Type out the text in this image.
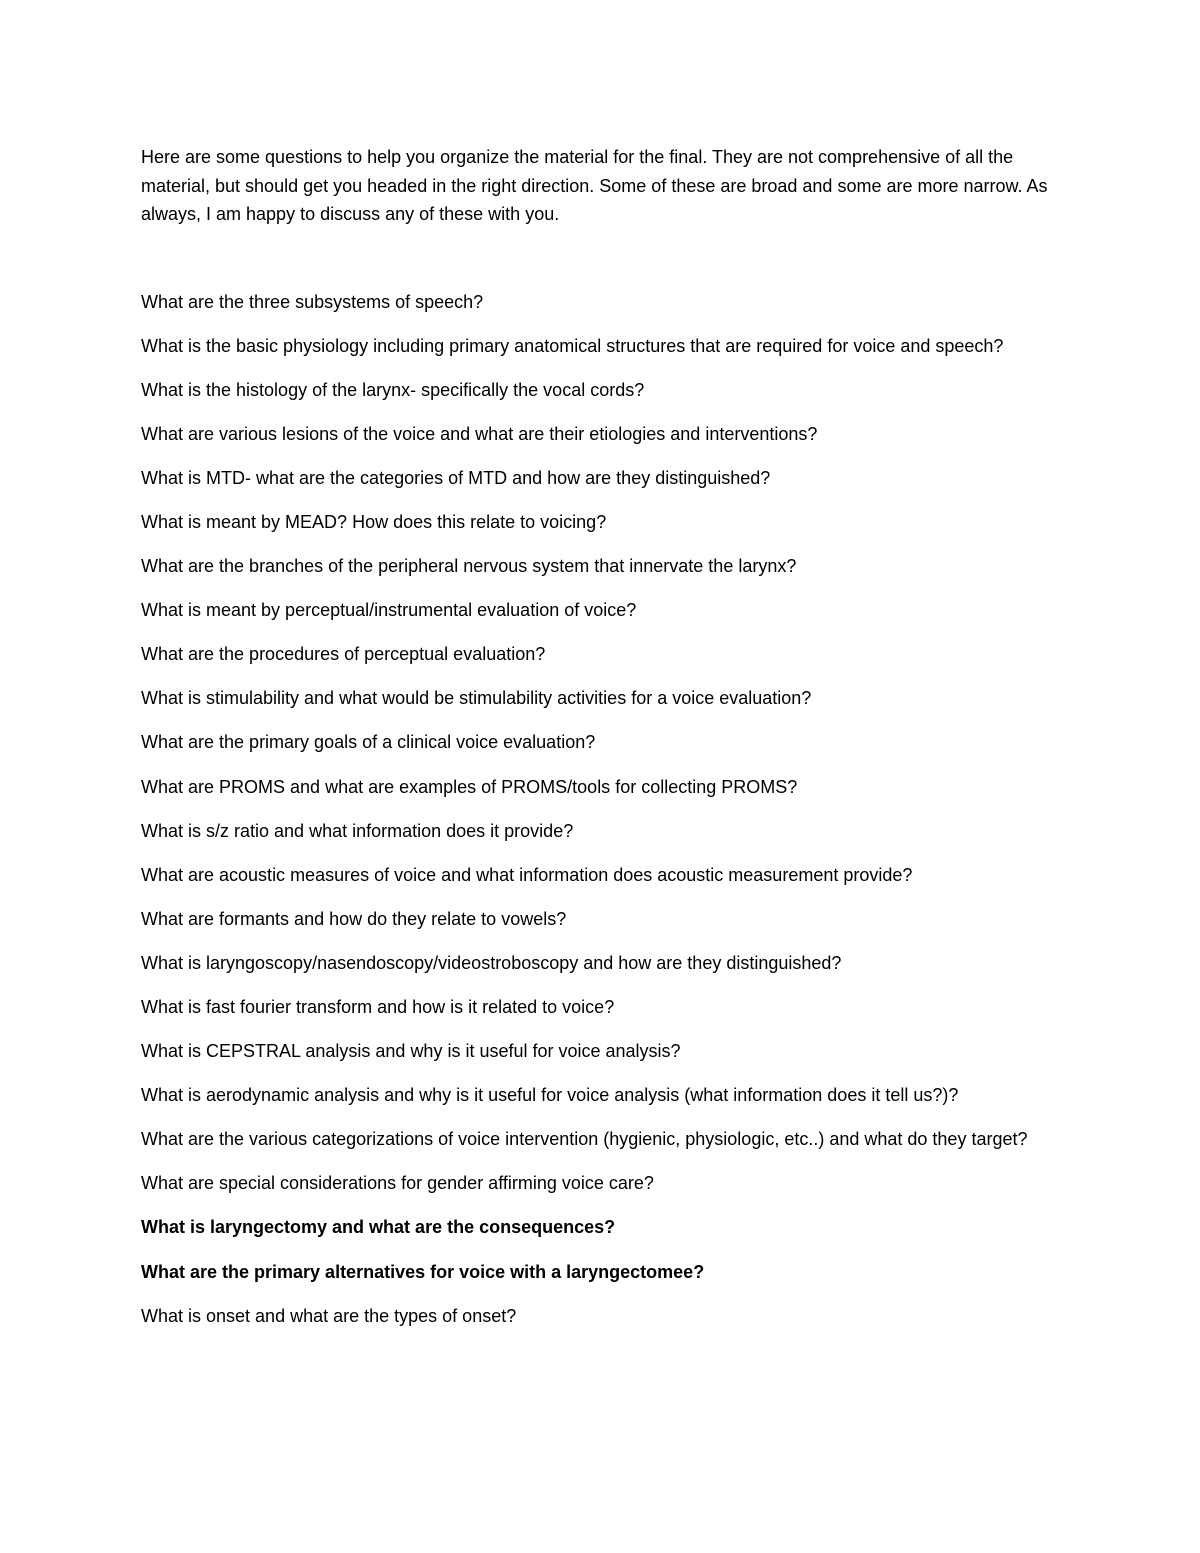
Here are some questions to help you organize the material for the final. They are not comprehensive of all the material, but should get you headed in the right direction. Some of these are broad and some are more narrow. As always, I am happy to discuss any of these with you.

What are the three subsystems of speech?
What is the basic physiology including primary anatomical structures that are required for voice and speech?
What is the histology of the larynx- specifically the vocal cords?
What are various lesions of the voice and what are their etiologies and interventions?
What is MTD- what are the categories of MTD and how are they distinguished?
What is meant by MEAD? How does this relate to voicing?
What are the branches of the peripheral nervous system that innervate the larynx?
What is meant by perceptual/instrumental evaluation of voice?
What are the procedures of perceptual evaluation?
What is stimulability and what would be stimulability activities for a voice evaluation?
What are the primary goals of a clinical voice evaluation?
What are PROMS and what are examples of PROMS/tools for collecting PROMS?
What is s/z ratio and what information does it provide?
What are acoustic measures of voice and what information does acoustic measurement provide?
What are formants and how do they relate to vowels?
What is laryngoscopy/nasendoscopy/videostroboscopy and how are they distinguished?
What is fast fourier transform and how is it related to voice?
What is CEPSTRAL analysis and why is it useful for voice analysis?
What is aerodynamic analysis and why is it useful for voice analysis (what information does it tell us?)?
What are the various categorizations of voice intervention (hygienic, physiologic, etc..) and what do they target?
What are special considerations for gender affirming voice care?
What is laryngectomy and what are the consequences?
What are the primary alternatives for voice with a laryngectomee?
What is onset and what are the types of onset?
